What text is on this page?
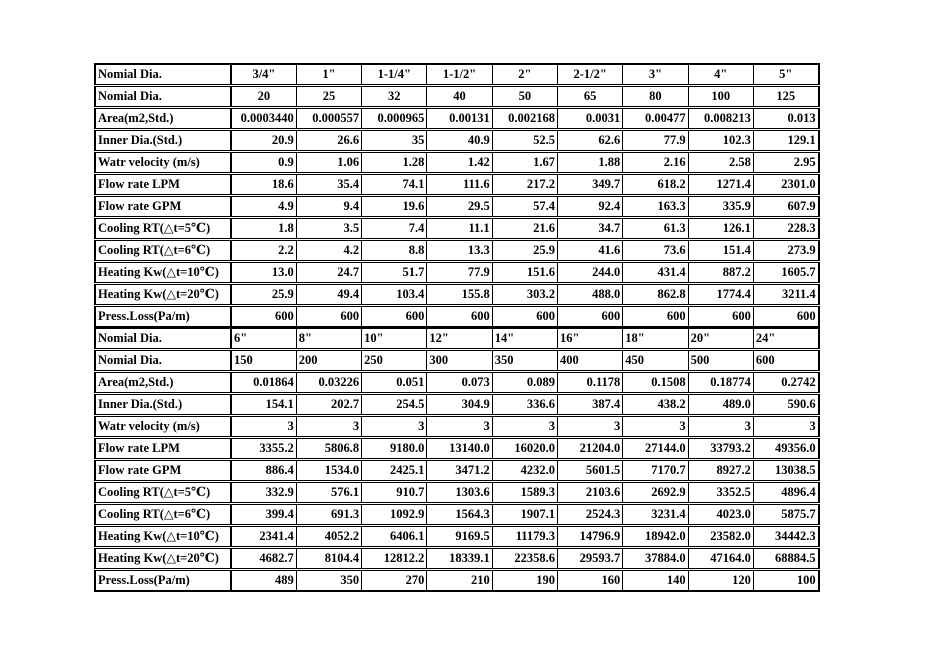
Nomial Dia.	3/4"	1"	1-1/4"	1-1/2"	2"	2-1/2"	3"	4"	5"
Nomial Dia.	20	25	32	40	50	65	80	100	125
Area(m2,Std.)	0.0003440	0.000557	0.000965	0.00131	0.002168	0.0031	0.00477	0.008213	0.013
Inner Dia.(Std.)	20.9	26.6	35	40.9	52.5	62.6	77.9	102.3	129.1
Watr velocity (m/s)	0.9	1.06	1.28	1.42	1.67	1.88	2.16	2.58	2.95
Flow rate LPM	18.6	35.4	74.1	111.6	217.2	349.7	618.2	1271.4	2301.0
Flow rate GPM	4.9	9.4	19.6	29.5	57.4	92.4	163.3	335.9	607.9
Cooling RT(△t=5℃)	1.8	3.5	7.4	11.1	21.6	34.7	61.3	126.1	228.3
Cooling RT(△t=6℃)	2.2	4.2	8.8	13.3	25.9	41.6	73.6	151.4	273.9
Heating Kw(△t=10℃)	13.0	24.7	51.7	77.9	151.6	244.0	431.4	887.2	1605.7
Heating Kw(△t=20℃)	25.9	49.4	103.4	155.8	303.2	488.0	862.8	1774.4	3211.4
Press.Loss(Pa/m)	600	600	600	600	600	600	600	600	600
Nomial Dia.	6"	8"	10"	12"	14"	16"	18"	20"	24"
Nomial Dia.	150	200	250	300	350	400	450	500	600
Area(m2,Std.)	0.01864	0.03226	0.051	0.073	0.089	0.1178	0.1508	0.18774	0.2742
Inner Dia.(Std.)	154.1	202.7	254.5	304.9	336.6	387.4	438.2	489.0	590.6
Watr velocity (m/s)	3	3	3	3	3	3	3	3	3
Flow rate LPM	3355.2	5806.8	9180.0	13140.0	16020.0	21204.0	27144.0	33793.2	49356.0
Flow rate GPM	886.4	1534.0	2425.1	3471.2	4232.0	5601.5	7170.7	8927.2	13038.5
Cooling RT(△t=5℃)	332.9	576.1	910.7	1303.6	1589.3	2103.6	2692.9	3352.5	4896.4
Cooling RT(△t=6℃)	399.4	691.3	1092.9	1564.3	1907.1	2524.3	3231.4	4023.0	5875.7
Heating Kw(△t=10℃)	2341.4	4052.2	6406.1	9169.5	11179.3	14796.9	18942.0	23582.0	34442.3
Heating Kw(△t=20℃)	4682.7	8104.4	12812.2	18339.1	22358.6	29593.7	37884.0	47164.0	68884.5
Press.Loss(Pa/m)	489	350	270	210	190	160	140	120	100
